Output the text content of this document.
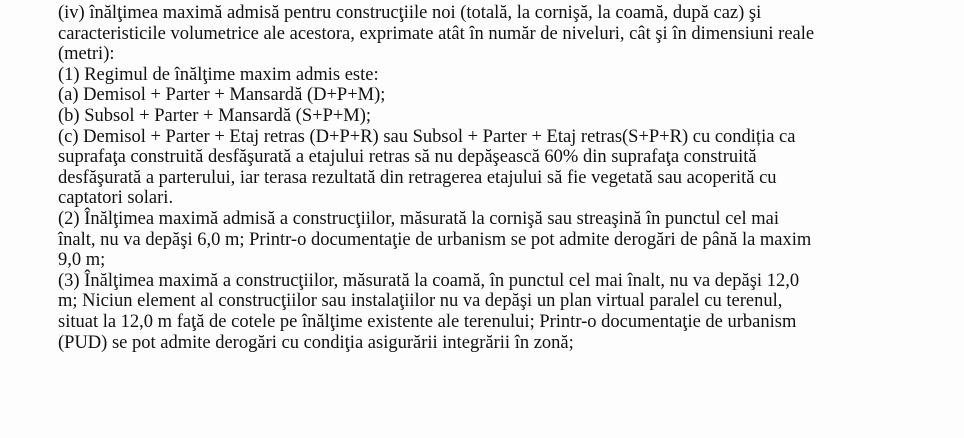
(iv) înălţimea maximă admisă pentru construcţiile noi (totală, la cornişă, la coamă, după caz) şi
caracteristicile volumetrice ale acestora, exprimate atât în număr de niveluri, cât şi în dimensiuni reale
(metri):
(1) Regimul de înălţime maxim admis este:
(a) Demisol + Parter + Mansardă (D+P+M);
(b) Subsol + Parter + Mansardă (S+P+M);
(c) Demisol + Parter + Etaj retras (D+P+R) sau Subsol + Parter + Etaj retras(S+P+R) cu condiția ca
suprafaţa construită desfăşurată a etajului retras să nu depăşească 60% din suprafaţa construită
desfăşurată a parterului, iar terasa rezultată din retragerea etajului să fie vegetată sau acoperită cu
captatori solari.
(2) Înălţimea maximă admisă a construcţiilor, măsurată la cornişă sau streaşină în punctul cel mai
înalt, nu va depăşi 6,0 m; Printr-o documentaţie de urbanism se pot admite derogări de până la maxim
9,0 m;
(3) Înălţimea maximă a construcţiilor, măsurată la coamă, în punctul cel mai înalt, nu va depăşi 12,0
m; Niciun element al construcţiilor sau instalaţiilor nu va depăşi un plan virtual paralel cu terenul,
situat la 12,0 m faţă de cotele pe înălţime existente ale terenului; Printr-o documentaţie de urbanism
(PUD) se pot admite derogări cu condiţia asigurării integrării în zonă;
